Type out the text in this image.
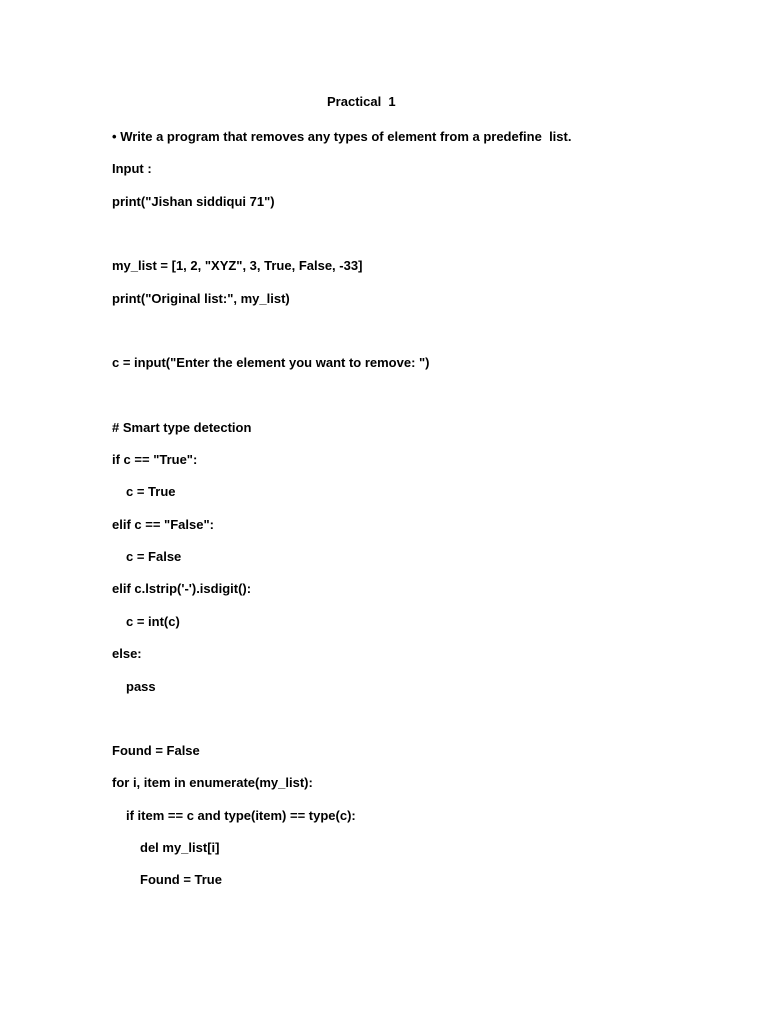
Practical  1
• Write a program that removes any types of element from a predefine  list.
Input :
print("Jishan siddiqui 71")
my_list = [1, 2, "XYZ", 3, True, False, -33]
print("Original list:", my_list)
c = input("Enter the element you want to remove: ")
# Smart type detection
if c == "True":
c = True
elif c == "False":
c = False
elif c.lstrip('-').isdigit():
c = int(c)
else:
pass
Found = False
for i, item in enumerate(my_list):
if item == c and type(item) == type(c):
del my_list[i]
Found = True
